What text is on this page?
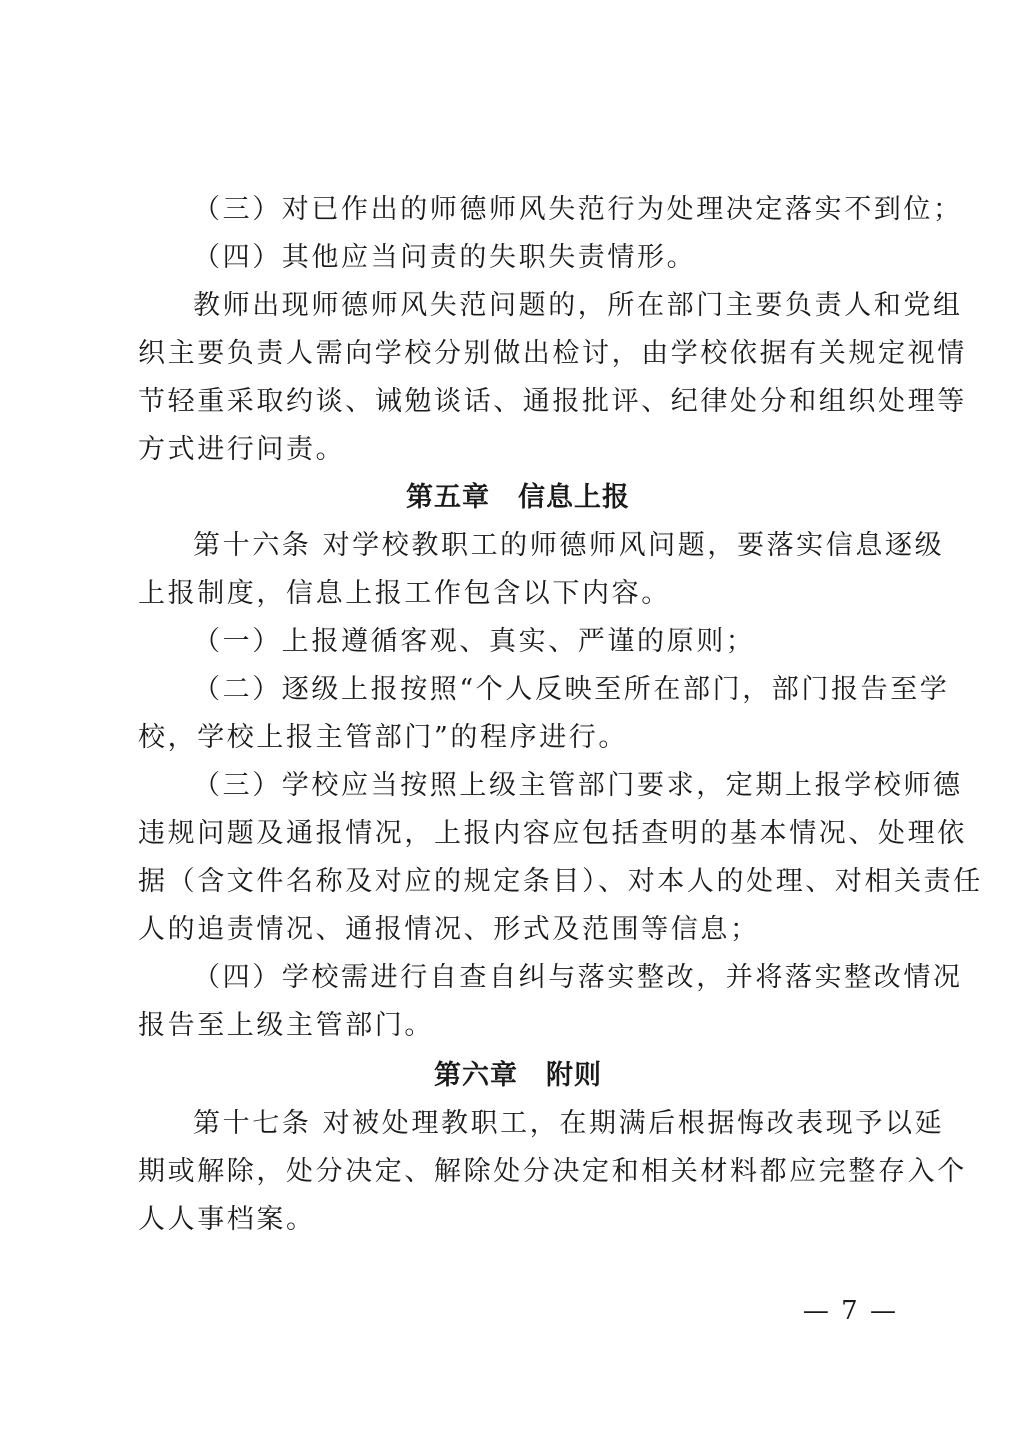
（三）对已作出的师德师风失范行为处理决定落实不到位；
（四）其他应当问责的失职失责情形。
教师出现师德师风失范问题的，所在部门主要负责人和党组
织主要负责人需向学校分别做出检讨，由学校依据有关规定视情
节轻重采取约谈、诫勉谈话、通报批评、纪律处分和组织处理等
方式进行问责。
第五章　信息上报
第十六条 对学校教职工的师德师风问题，要落实信息逐级
上报制度，信息上报工作包含以下内容。
（一）上报遵循客观、真实、严谨的原则；
（二）逐级上报按照“个人反映至所在部门，部门报告至学
校，学校上报主管部门”的程序进行。
（三）学校应当按照上级主管部门要求，定期上报学校师德
违规问题及通报情况，上报内容应包括查明的基本情况、处理依
据（含文件名称及对应的规定条目）、对本人的处理、对相关责任
人的追责情况、通报情况、形式及范围等信息；
（四）学校需进行自查自纠与落实整改，并将落实整改情况
报告至上级主管部门。
第六章　附则
第十七条 对被处理教职工，在期满后根据悔改表现予以延
期或解除，处分决定、解除处分决定和相关材料都应完整存入个
人人事档案。
— 7 —
